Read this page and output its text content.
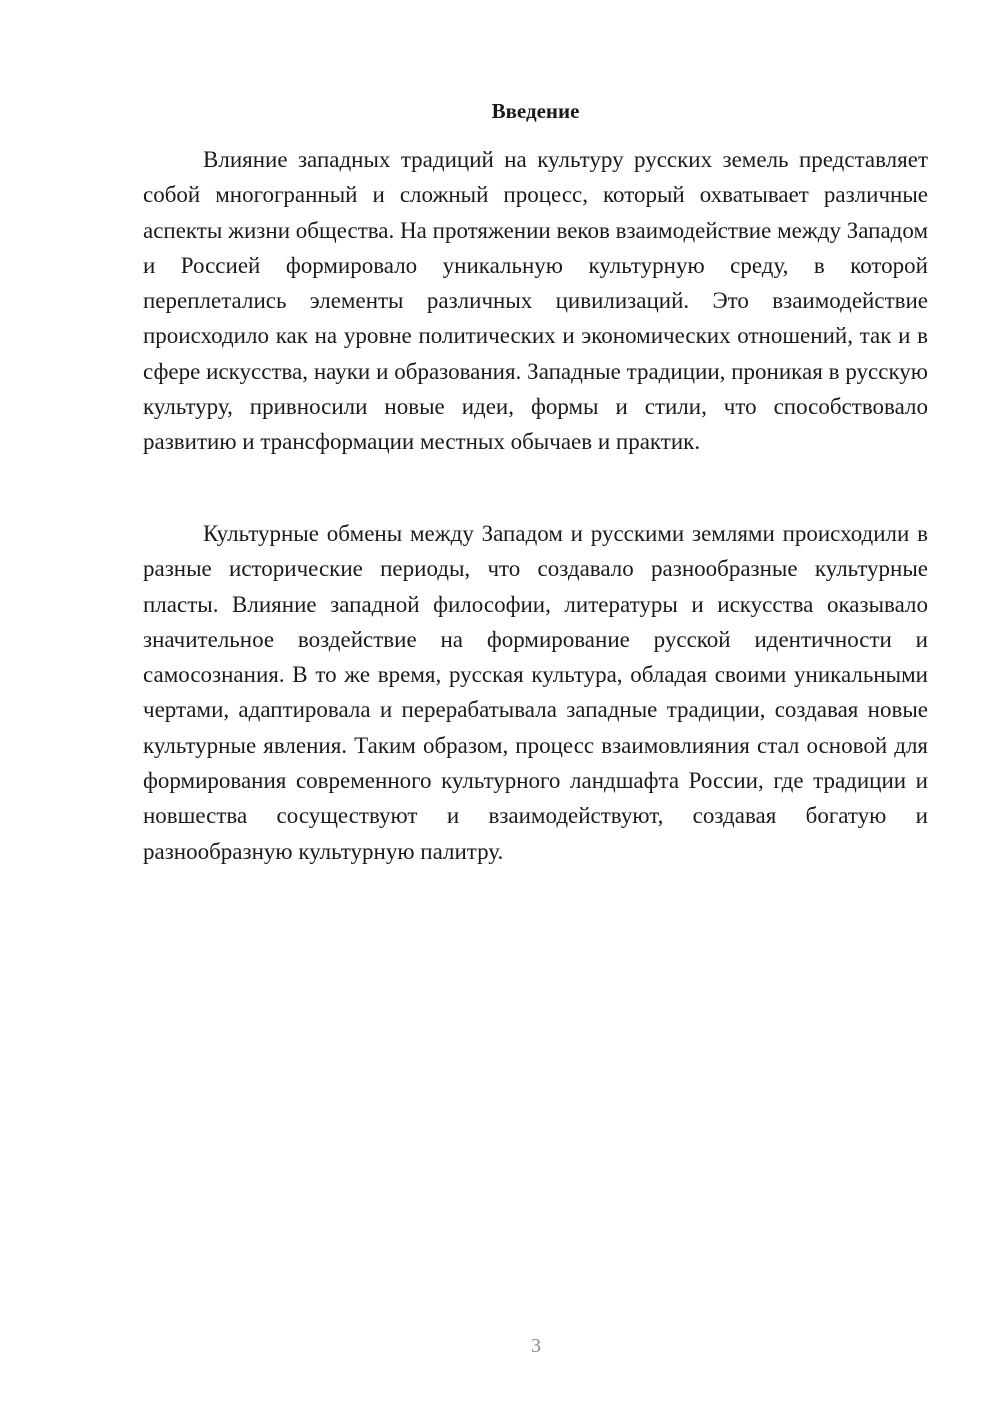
Введение

Влияние западных традиций на культуру русских земель представляет собой многогранный и сложный процесс, который охватывает различные аспекты жизни общества. На протяжении веков взаимодействие между Западом и Россией формировало уникальную культурную среду, в которой переплетались элементы различных цивилизаций. Это взаимодействие происходило как на уровне политических и экономических отношений, так и в сфере искусства, науки и образования. Западные традиции, проникая в русскую культуру, привносили новые идеи, формы и стили, что способствовало развитию и трансформации местных обычаев и практик.

Культурные обмены между Западом и русскими землями происходили в разные исторические периоды, что создавало разнообразные культурные пласты. Влияние западной философии, литературы и искусства оказывало значительное воздействие на формирование русской идентичности и самосознания. В то же время, русская культура, обладая своими уникальными чертами, адаптировала и перерабатывала западные традиции, создавая новые культурные явления. Таким образом, процесс взаимовлияния стал основой для формирования современного культурного ландшафта России, где традиции и новшества сосуществуют и взаимодействуют, создавая богатую и разнообразную культурную палитру.

3
